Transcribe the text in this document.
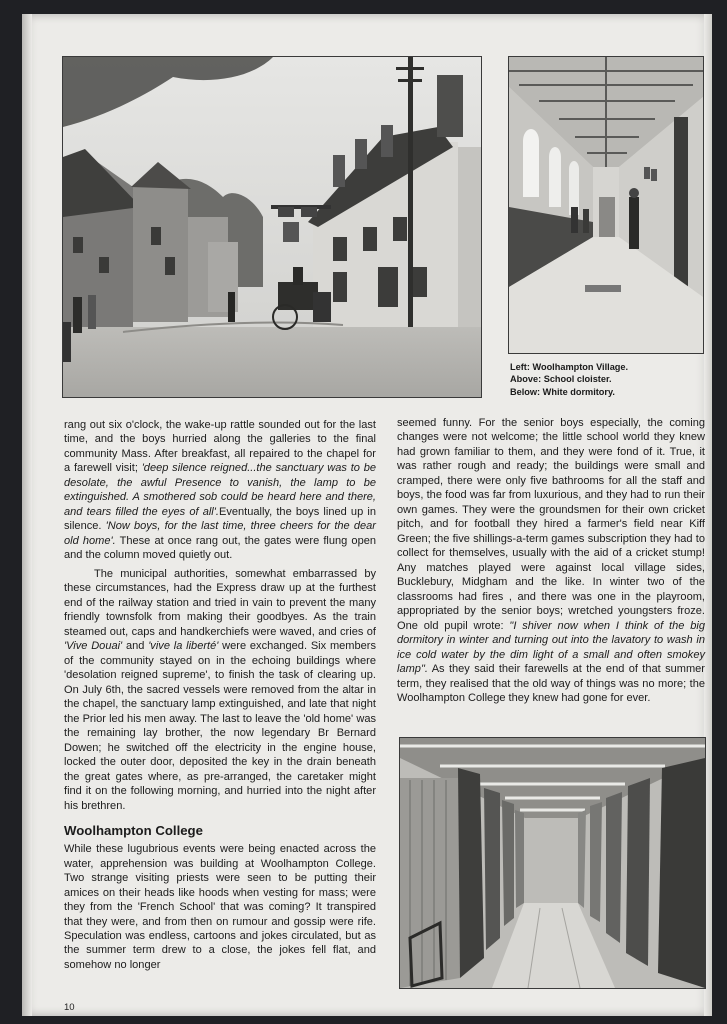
Left: Woolhampton Village.
Above: School cloister.
Below: White dormitory.

rang out six o'clock, the wake-up rattle sounded out for the last time, and the boys hurried along the galleries to the final community Mass. After breakfast, all repaired to the chapel for a farewell visit; 'deep silence reigned...the sanctuary was to be desolate, the awful Presence to vanish, the lamp to be extinguished. A smothered sob could be heard here and there, and tears filled the eyes of all'.Eventually, the boys lined up in silence. 'Now boys, for the last time, three cheers for the dear old home'. These at once rang out, the gates were flung open and the column moved quietly out.

The municipal authorities, somewhat embarrassed by these circumstances, had the Express draw up at the furthest end of the railway station and tried in vain to prevent the many friendly townsfolk from making their goodbyes. As the train steamed out, caps and handkerchiefs were waved, and cries of 'Vive Douai' and 'vive la liberté' were exchanged. Six members of the community stayed on in the echoing buildings where 'desolation reigned supreme', to finish the task of clearing up. On July 6th, the sacred vessels were removed from the altar in the chapel, the sanctuary lamp extinguished, and late that night the Prior led his men away. The last to leave the 'old home' was the remaining lay brother, the now legendary Br Bernard Dowen; he switched off the electricity in the engine house, locked the outer door, deposited the key in the drain beneath the great gates where, as pre-arranged, the caretaker might find it on the following morning, and hurried into the night after his brethren.

Woolhampton College

While these lugubrious events were being enacted across the water, apprehension was building at Woolhampton College. Two strange visiting priests were seen to be putting their amices on their heads like hoods when vesting for mass; were they from the 'French School' that was coming? It transpired that they were, and from then on rumour and gossip were rife. Speculation was endless, cartoons and jokes circulated, but as the summer term drew to a close, the jokes fell flat, and somehow no longer

seemed funny. For the senior boys especially, the coming changes were not welcome; the little school world they knew had grown familiar to them, and they were fond of it. True, it was rather rough and ready; the buildings were small and cramped, there were only five bathrooms for all the staff and boys, the food was far from luxurious, and they had to run their own games. They were the groundsmen for their own cricket pitch, and for football they hired a farmer's field near Kiff Green; the five shillings-a-term games subscription they had to collect for themselves, usually with the aid of a cricket stump! Any matches played were against local village sides, Bucklebury, Midgham and the like. In winter two of the classrooms had fires , and there was one in the playroom, appropriated by the senior boys; wretched youngsters froze. One old pupil wrote: "I shiver now when I think of the big dormitory in winter and turning out into the lavatory to wash in ice cold water by the dim light of a small and often smokey lamp". As they said their farewells at the end of that summer term, they realised that the old way of things was no more; the Woolhampton College they knew had gone for ever.

10
